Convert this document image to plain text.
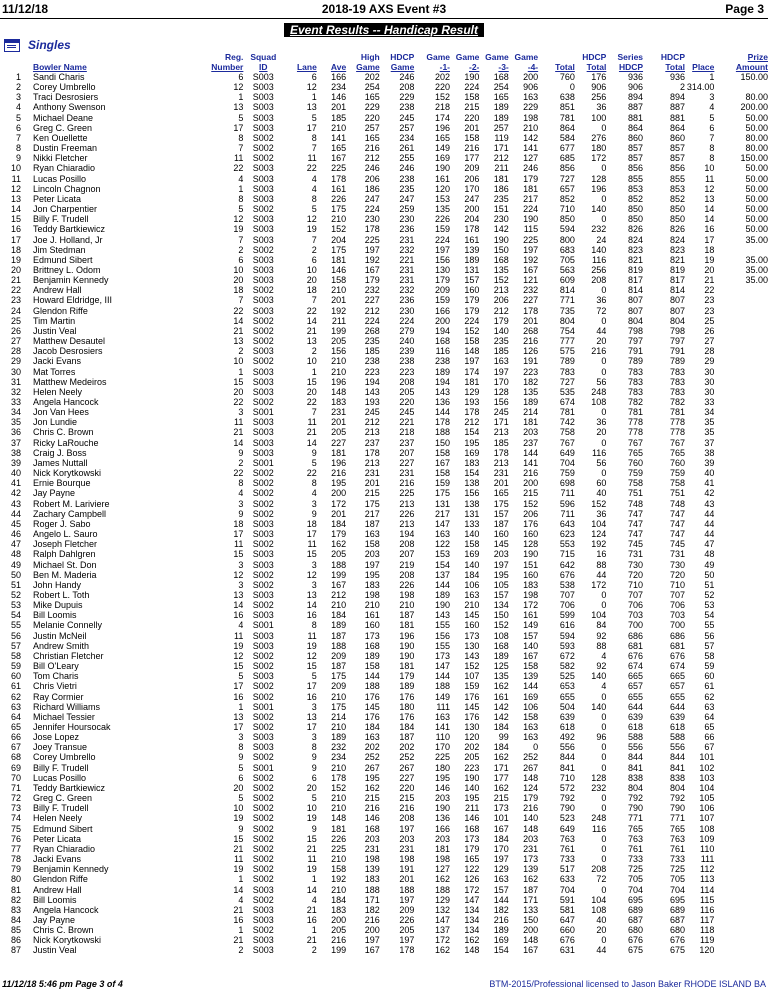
11/12/18	2018-19 AXS Event #3	Page 3
Event Results -- Handicap Result
Singles
		Reg.	Squad			High	HDCP	Game	Game	Game	Game		HDCP	Series	HDCP		Prize
	Bowler Name	Number	ID	Lane	Ave	Game	Game	-1-	-2-	-3-	-4-	Total	Total	HDCP	Total	Place	Amount
1	Sandi Charis	6	S003	6	166	202	246	202	190	168	200	760	176	936	936	1	150.00
2	Corey Umbrello	12	S003	12	234	254	208	220	224	254	906	0	906	906	2	314.00	
3	Traci Desrosiers	1	S003	1	146	165	229	152	158	165	163	638	256	894	894	3	80.00
4	Anthony Swenson	13	S003	13	201	229	238	218	215	189	229	851	36	887	887	4	200.00
5	Michael Deane	5	S003	5	185	220	245	174	220	189	198	781	100	881	881	5	50.00
6	Greg C. Green	17	S003	17	210	257	257	196	201	257	210	864	0	864	864	6	50.00
7	Ken Ouellette	8	S002	8	141	165	234	165	158	119	142	584	276	860	860	7	80.00
8	Dustin Freeman	7	S002	7	165	216	261	149	216	171	141	677	180	857	857	8	80.00
9	Nikki Fletcher	11	S002	11	167	212	255	169	177	212	127	685	172	857	857	8	150.00
10	Ryan Chiaradio	22	S003	22	225	246	246	190	209	211	246	856	0	856	856	10	50.00
11	Lucas Posillo	4	S003	4	178	206	238	161	206	181	179	727	128	855	855	11	50.00
12	Lincoln Chagnon	1	S003	4	161	186	235	120	170	186	181	657	196	853	853	12	50.00
13	Peter Licata	8	S003	8	226	247	247	153	247	235	217	852	0	852	852	13	50.00
14	Jon Charpentier	5	S002	5	175	224	259	135	200	151	224	710	140	850	850	14	50.00
15	Billy F. Trudell	12	S003	12	210	230	230	226	204	230	190	850	0	850	850	14	50.00
16	Teddy Bartkiewicz	19	S003	19	152	178	236	159	178	142	115	594	232	826	826	16	50.00
17	Joe J. Holland, Jr	7	S003	7	204	225	231	224	161	190	225	800	24	824	824	17	35.00
18	Jim Stedman	2	S002	2	175	197	232	197	139	150	197	683	140	823	823	18	
19	Edmund Sibert	6	S003	6	181	192	221	156	189	168	192	705	116	821	821	19	35.00
20	Brittney L. Odom	10	S003	10	146	167	231	130	131	135	167	563	256	819	819	20	35.00
21	Benjamin Kennedy	20	S003	20	158	179	231	179	157	152	121	609	208	817	817	21	35.00
22	Andrew Hall	18	S002	18	210	232	232	209	160	213	232	814	0	814	814	22	
23	Howard Eldridge, III	7	S003	7	201	227	236	159	179	206	227	771	36	807	807	23	
24	Glendon Riffe	22	S003	22	192	212	230	166	179	212	178	735	72	807	807	23	
25	Tim Martin	14	S002	14	211	224	224	200	224	179	201	804	0	804	804	25	
26	Justin Veal	21	S002	21	199	268	279	194	152	140	268	754	44	798	798	26	
27	Matthew Desautel	13	S002	13	205	235	240	168	158	235	216	777	20	797	797	27	
28	Jacob Desrosiers	2	S003	2	156	185	239	116	148	185	126	575	216	791	791	28	
29	Jacki Evans	10	S002	10	210	238	238	238	197	163	191	789	0	789	789	29	
30	Mat Torres	1	S003	1	210	223	223	189	174	197	223	783	0	783	783	30	
31	Matthew Medeiros	15	S003	15	196	194	208	194	181	170	182	727	56	783	783	30	
32	Helen Neely	20	S003	20	148	143	205	143	129	128	135	535	248	783	783	30	
33	Angela Hancock	22	S002	22	183	193	220	136	193	156	189	674	108	782	782	33	
34	Jon Van Hees	3	S001	7	231	245	245	144	178	245	214	781	0	781	781	34	
35	Jon Lundie	11	S003	11	201	212	221	178	212	171	181	742	36	778	778	35	
36	Chris C. Brown	21	S003	21	205	213	218	188	154	213	203	758	20	778	778	35	
37	Ricky LaRouche	14	S003	14	227	237	237	150	195	185	237	767	0	767	767	37	
38	Craig J. Boss	9	S003	9	181	178	207	158	169	178	144	649	116	765	765	38	
39	James Nuttall	2	S001	5	196	213	227	167	183	213	141	704	56	760	760	39	
40	Nick Korytkowski	22	S002	22	216	231	231	158	154	231	216	759	0	759	759	40	
41	Ernie Bourque	8	S002	8	195	201	216	159	138	201	200	698	60	758	758	41	
42	Jay Payne	4	S002	4	200	215	225	175	156	165	215	711	40	751	751	42	
43	Robert M. Lariviere	3	S002	3	172	175	213	131	138	175	152	596	152	748	748	43	
44	Zachary Campbell	9	S002	9	201	217	226	217	131	157	206	711	36	747	747	44	
45	Roger J. Sabo	18	S003	18	184	187	213	147	133	187	176	643	104	747	747	44	
46	Angelo L. Sauro	17	S003	17	179	163	194	163	140	160	160	623	124	747	747	44	
47	Joseph Fletcher	11	S002	11	162	158	208	122	158	145	128	553	192	745	745	47	
48	Ralph Dahlgren	15	S003	15	205	203	207	153	169	203	190	715	16	731	731	48	
49	Michael St. Don	3	S003	3	188	197	219	154	140	197	151	642	88	730	730	49	
50	Ben M. Maderia	12	S002	12	199	195	208	137	184	195	160	676	44	720	720	50	
51	John Handy	3	S002	3	167	183	226	144	106	105	183	538	172	710	710	51	
52	Robert L. Toth	13	S003	13	212	198	198	189	163	157	198	707	0	707	707	52	
53	Mike Dupuis	14	S002	14	210	210	210	190	210	134	172	706	0	706	706	53	
54	Bill Loomis	16	S003	16	184	161	187	143	145	150	161	599	104	703	703	54	
55	Melanie Connelly	4	S001	8	189	160	181	155	160	152	149	616	84	700	700	55	
56	Justin McNeil	11	S003	11	187	173	196	156	173	108	157	594	92	686	686	56	
57	Andrew Smith	19	S003	19	188	168	190	155	130	168	140	593	88	681	681	57	
58	Christian Fletcher	12	S002	12	209	189	190	173	143	189	167	672	4	676	676	58	
59	Bill O'Leary	15	S002	15	187	158	181	147	152	125	158	582	92	674	674	59	
60	Tom Charis	5	S003	5	175	144	179	144	107	135	139	525	140	665	665	60	
61	Chris Vietri	17	S002	17	209	188	189	188	159	162	144	653	4	657	657	61	
62	Ray Cormier	16	S002	16	210	176	176	149	176	161	169	655	0	655	655	62	
63	Richard Williams	1	S001	3	175	145	180	111	145	142	106	504	140	644	644	63	
64	Michael Tessier	13	S002	13	214	176	176	163	176	142	158	639	0	639	639	64	
65	Jennifer Hoursocak	17	S002	17	210	184	184	141	130	184	163	618	0	618	618	65	
66	Jose Lopez	3	S003	3	189	163	187	110	120	99	163	492	96	588	588	66	
67	Joey Transue	8	S003	8	232	202	202	170	202	184	0	556	0	556	556	67	
68	Corey Umbrello	9	S002	9	234	252	252	225	205	162	252	844	0	844	844	101	
69	Billy F. Trudell	5	S001	9	210	267	267	180	223	171	267	841	0	841	841	102	
70	Lucas Posillo	6	S002	6	178	195	227	195	190	177	148	710	128	838	838	103	
71	Teddy Bartkiewicz	20	S002	20	152	162	220	146	140	162	124	572	232	804	804	104	
72	Greg C. Green	5	S002	5	210	215	215	203	195	215	179	792	0	792	792	105	
73	Billy F. Trudell	10	S002	10	210	216	216	190	211	173	216	790	0	790	790	106	
74	Helen Neely	19	S002	19	148	146	208	136	146	101	140	523	248	771	771	107	
75	Edmund Sibert	9	S002	9	181	168	197	166	168	167	148	649	116	765	765	108	
76	Peter Licata	15	S002	15	226	203	203	203	173	184	203	763	0	763	763	109	
77	Ryan Chiaradio	21	S002	21	225	231	231	181	179	170	231	761	0	761	761	110	
78	Jacki Evans	11	S002	11	210	198	198	198	165	197	173	733	0	733	733	111	
79	Benjamin Kennedy	19	S002	19	158	139	191	127	122	129	139	517	208	725	725	112	
80	Glendon Riffe	1	S002	1	192	183	201	162	126	163	162	633	72	705	705	113	
81	Andrew Hall	14	S003	14	210	188	188	188	172	157	187	704	0	704	704	114	
82	Bill Loomis	4	S002	4	184	171	197	129	147	144	171	591	104	695	695	115	
83	Angela Hancock	21	S003	21	183	182	209	132	134	182	133	581	108	689	689	116	
84	Jay Payne	16	S003	16	200	216	226	147	134	216	150	647	40	687	687	117	
85	Chris C. Brown	1	S002	1	205	200	205	137	134	189	200	660	20	680	680	118	
86	Nick Korytkowski	21	S003	21	216	197	197	172	162	169	148	676	0	676	676	119	
87	Justin Veal	2	S003	2	199	167	178	162	148	154	167	631	44	675	675	120	
11/12/18 5:46 pm Page 3 of 4	BTM-2015/Professional licensed to Jason Baker RHODE ISLAND BA
